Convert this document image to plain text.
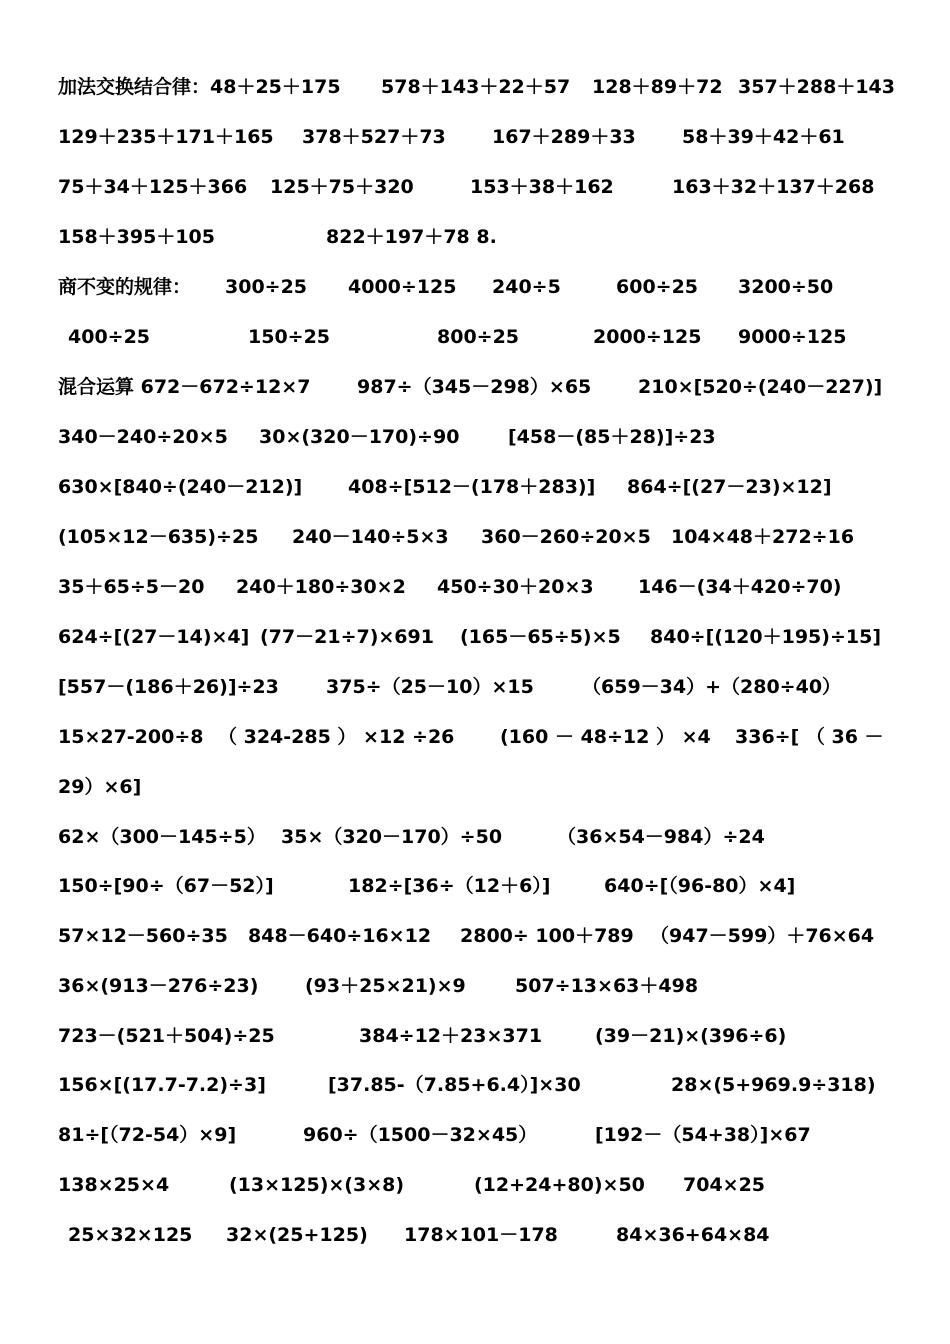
加法交换结合律：48＋25＋175 578＋143＋22＋57 128＋89＋72 357＋288＋143
129＋235＋171＋165 378＋527＋73 167＋289＋33 58＋39＋42＋61
75＋34＋125＋366 125＋75＋320	153＋38＋162	163＋32＋137＋268
158＋395＋105	822＋197＋78 8.
商不变的规律： 300÷25 4000÷125 240÷5	600÷25 3200÷50
400÷25	150÷25	800÷25	2000÷125 9000÷125
混合运算 672－672÷12×7 987÷（345－298）×65 210×[520÷(240－227)]
340－240÷20×5 30×(320－170)÷90	[458－(85＋28)]÷23
630×[840÷(240－212)] 408÷[512－(178＋283)] 864÷[(27－23)×12]
(105×12－635)÷25 240－140÷5×3 360－260÷20×5 104×48＋272÷16
35＋65÷5－20 240＋180÷30×2 450÷30＋20×3 146－(34＋420÷70)
624÷[(27－14)×4] (77－21÷7)×691 (165－65÷5)×5 840÷[(120＋195)÷15]
[557－(186＋26)]÷23 375÷（25－10）×15	（659－34）+（280÷40）
15×27-200÷8 （ 324-285 ） ×12 ÷26 (160 － 48÷12 ） ×4 336÷[ （ 36 －
29）×6]
62×（300－145÷5） 35×（320－170）÷50	（36×54－984）÷24
150÷[90÷（67－52）]	182÷[36÷（12＋6）]	640÷[（96-80）×4]
57×12－560÷35 848－640÷16×12 2800÷ 100＋789 （947－599）＋76×64
36×(913－276÷23) (93＋25×21)×9	507÷13×63＋498
723－(521＋504)÷25	384÷12＋23×371	(39－21)×(396÷6)
156×[(17.7-7.2)÷3]	[37.85-（7.85+6.4）]×30	28×(5+969.9÷318)
81÷[（72-54）×9]	960÷（1500－32×45）	[192－（54+38）]×67
138×25×4	(13×125)×(3×8)	(12+24+80)×50 704×25
25×32×125 32×(25+125) 178×101－178	84×36+64×84
